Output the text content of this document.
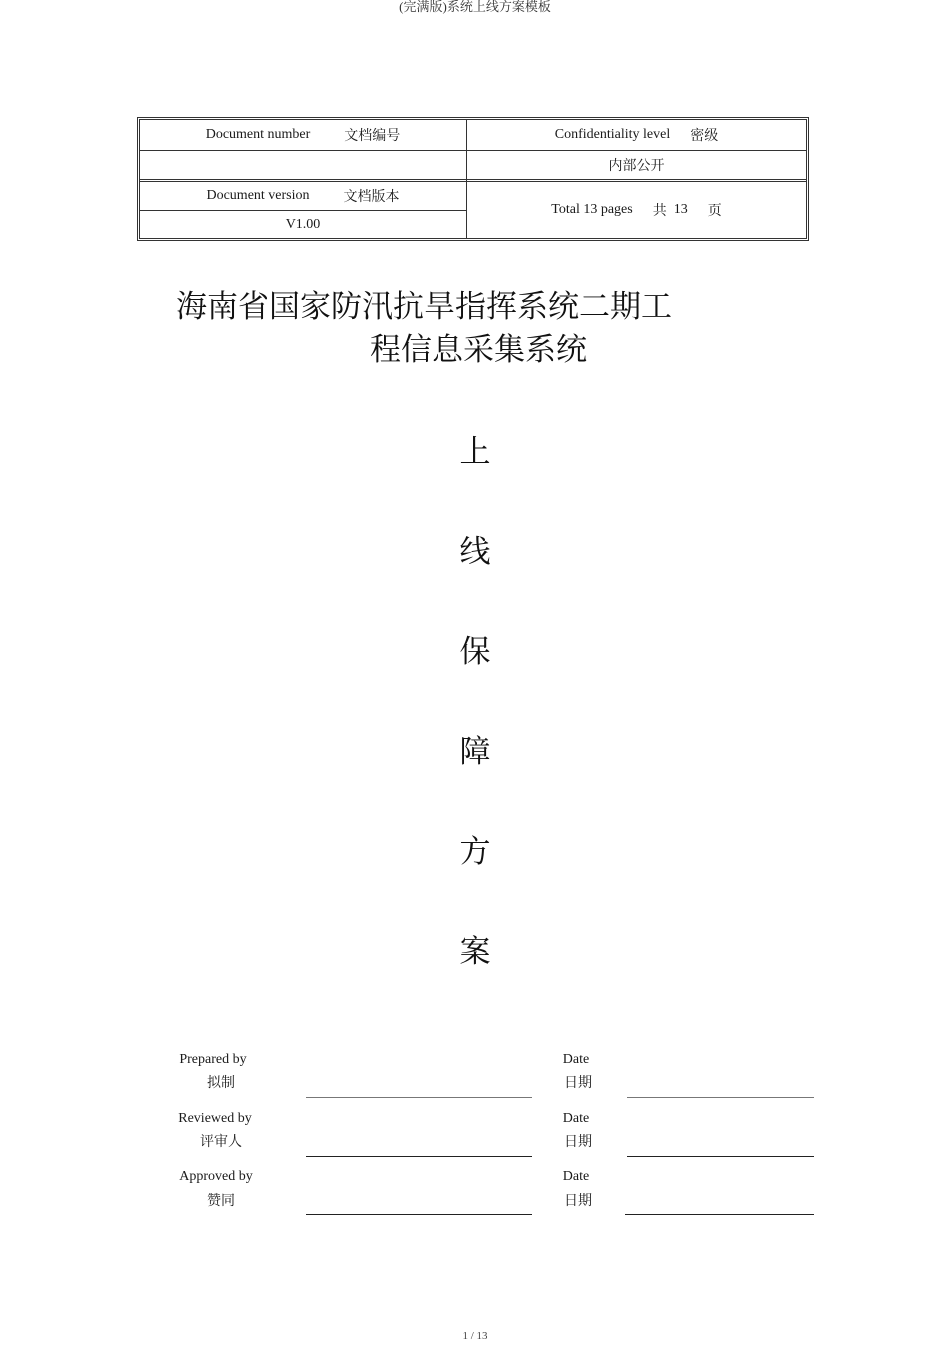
(完满版)系统上线方案模板
Document number 文档编号	Confidentiality level 密级
内部公开
Document version 文档版本
V1.00
Total 13 pages 共
13 页
海南省国家防汛抗旱指挥系统二期工
程信息采集系统
上
线
保
障
方
案
Prepared by
拟制
Date
日期
Reviewed by
评审人
Date
日期
Approved by
赞同
Date
日期
1 / 13
